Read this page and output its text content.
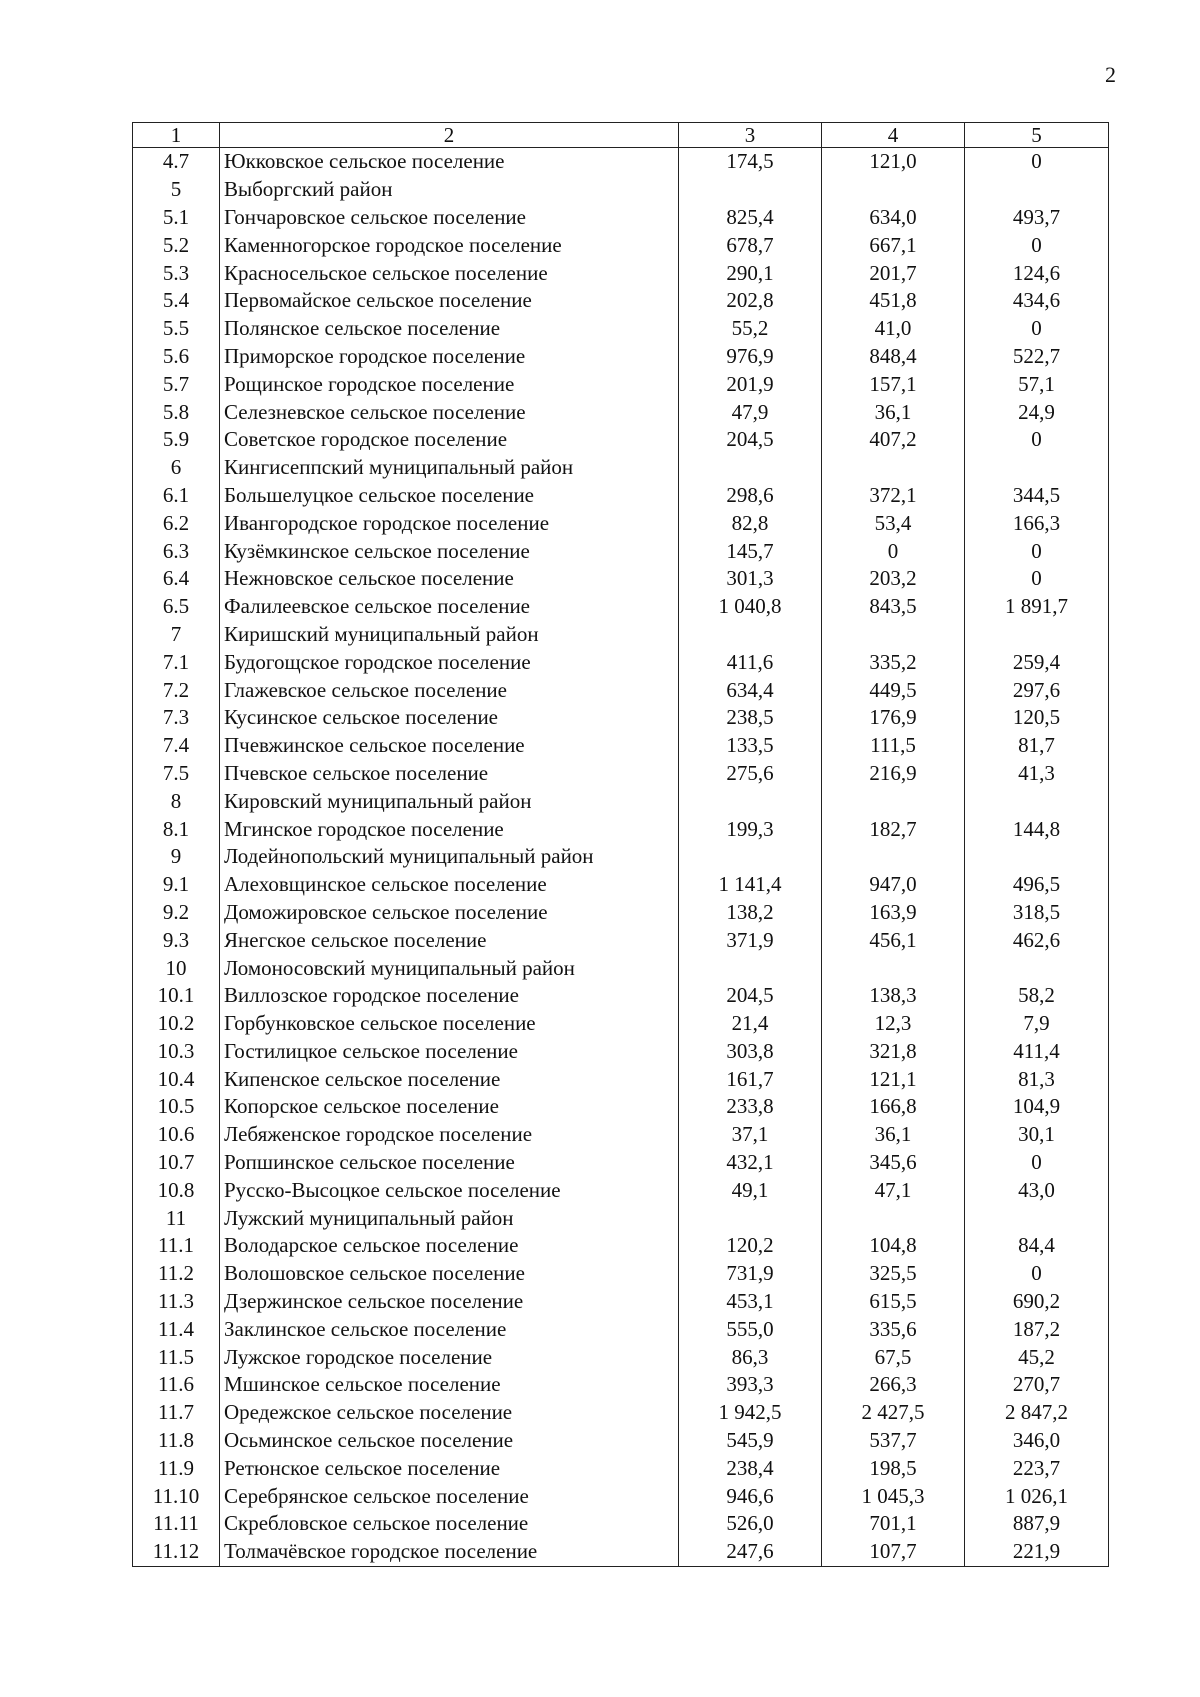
2
1	2	3	4	5
4.7	Юкковское сельское поселение	174,5	121,0	0
5	Выборгский район			
5.1	Гончаровское сельское поселение	825,4	634,0	493,7
5.2	Каменногорское городское поселение	678,7	667,1	0
5.3	Красносельское сельское поселение	290,1	201,7	124,6
5.4	Первомайское сельское поселение	202,8	451,8	434,6
5.5	Полянское сельское поселение	55,2	41,0	0
5.6	Приморское городское поселение	976,9	848,4	522,7
5.7	Рощинское городское поселение	201,9	157,1	57,1
5.8	Селезневское сельское поселение	47,9	36,1	24,9
5.9	Советское городское поселение	204,5	407,2	0
6	Кингисеппский муниципальный район			
6.1	Большелуцкое сельское поселение	298,6	372,1	344,5
6.2	Ивангородское городское поселение	82,8	53,4	166,3
6.3	Кузёмкинское сельское поселение	145,7	0	0
6.4	Нежновское сельское поселение	301,3	203,2	0
6.5	Фалилеевское сельское поселение	1 040,8	843,5	1 891,7
7	Киришский муниципальный район			
7.1	Будогощское городское поселение	411,6	335,2	259,4
7.2	Глажевское сельское поселение	634,4	449,5	297,6
7.3	Кусинское сельское поселение	238,5	176,9	120,5
7.4	Пчевжинское сельское поселение	133,5	111,5	81,7
7.5	Пчевское сельское поселение	275,6	216,9	41,3
8	Кировский муниципальный район			
8.1	Мгинское городское поселение	199,3	182,7	144,8
9	Лодейнопольский муниципальный район			
9.1	Алеховщинское сельское поселение	1 141,4	947,0	496,5
9.2	Доможировское сельское поселение	138,2	163,9	318,5
9.3	Янегское сельское поселение	371,9	456,1	462,6
10	Ломоносовский муниципальный район			
10.1	Виллозское городское поселение	204,5	138,3	58,2
10.2	Горбунковское сельское поселение	21,4	12,3	7,9
10.3	Гостилицкое сельское поселение	303,8	321,8	411,4
10.4	Кипенское сельское поселение	161,7	121,1	81,3
10.5	Копорское сельское поселение	233,8	166,8	104,9
10.6	Лебяженское городское поселение	37,1	36,1	30,1
10.7	Ропшинское сельское поселение	432,1	345,6	0
10.8	Русско-Высоцкое сельское поселение	49,1	47,1	43,0
11	Лужский муниципальный район			
11.1	Володарское сельское поселение	120,2	104,8	84,4
11.2	Волошовское сельское поселение	731,9	325,5	0
11.3	Дзержинское сельское поселение	453,1	615,5	690,2
11.4	Заклинское сельское поселение	555,0	335,6	187,2
11.5	Лужское городское поселение	86,3	67,5	45,2
11.6	Мшинское сельское поселение	393,3	266,3	270,7
11.7	Оредежское сельское поселение	1 942,5	2 427,5	2 847,2
11.8	Осьминское сельское поселение	545,9	537,7	346,0
11.9	Ретюнское сельское поселение	238,4	198,5	223,7
11.10	Серебрянское сельское поселение	946,6	1 045,3	1 026,1
11.11	Скребловское сельское поселение	526,0	701,1	887,9
11.12	Толмачёвское городское поселение	247,6	107,7	221,9
